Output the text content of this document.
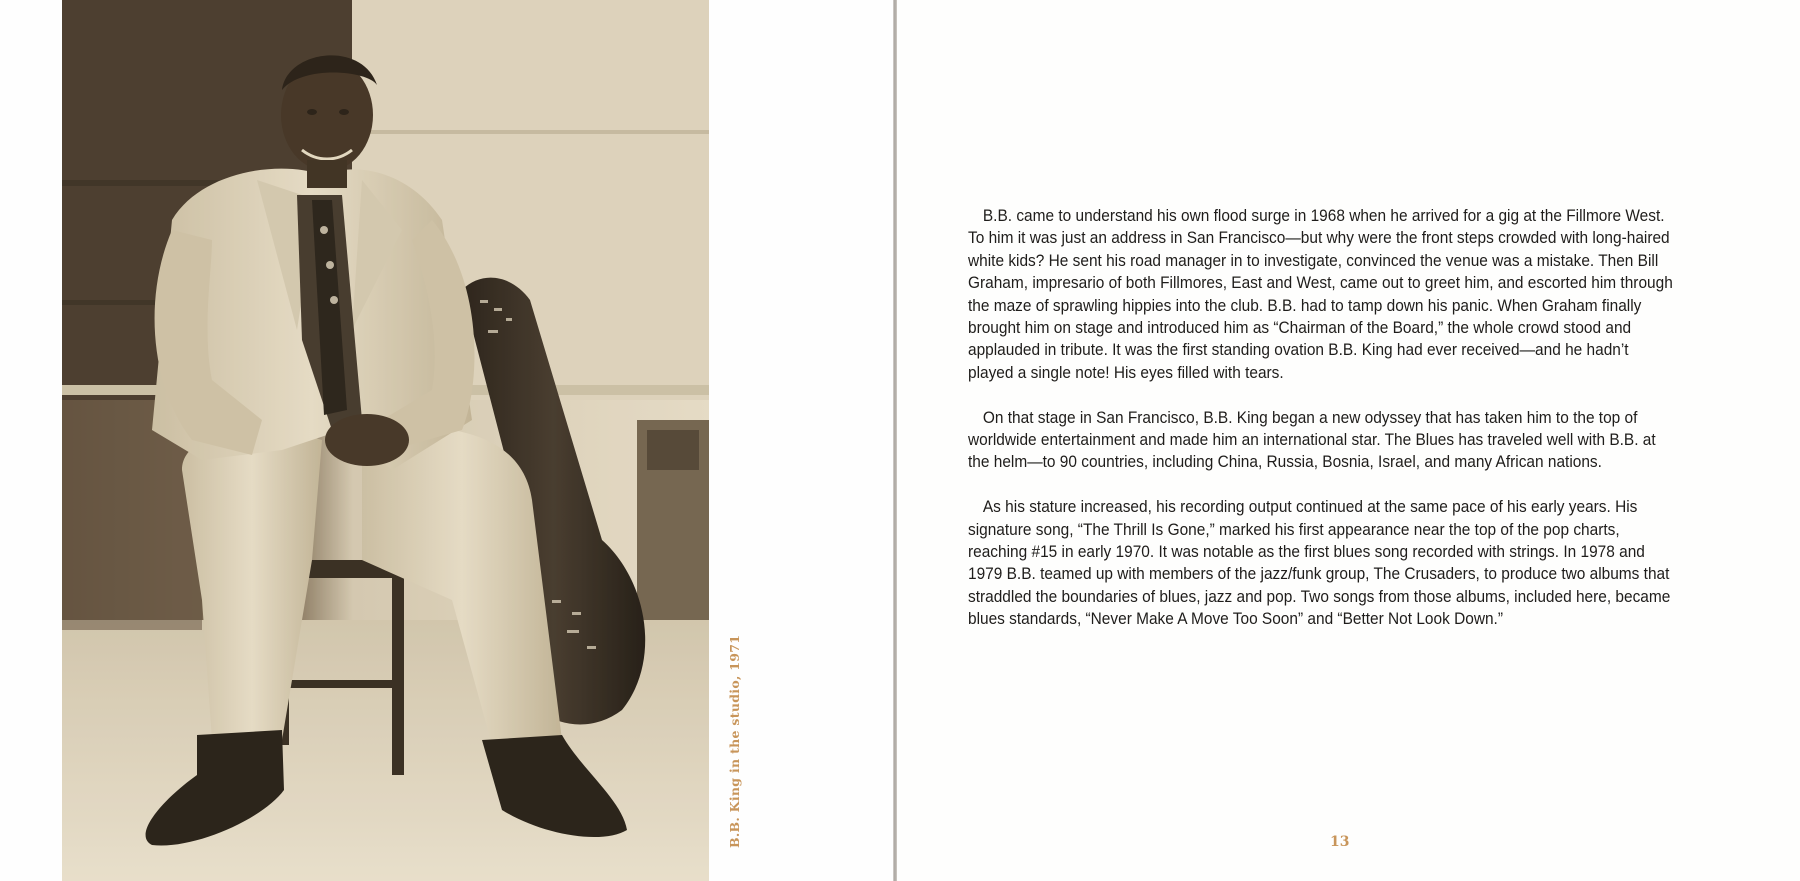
B.B. King in the studio, 1971

B.B. came to understand his own flood surge in 1968 when he arrived for a gig at the Fillmore West. To him it was just an address in San Francisco—but why were the front steps crowded with long-haired white kids? He sent his road manager in to investigate, convinced the venue was a mistake. Then Bill Graham, impresario of both Fillmores, East and West, came out to greet him, and escorted him through the maze of sprawling hippies into the club. B.B. had to tamp down his panic. When Graham finally brought him on stage and introduced him as “Chairman of the Board,” the whole crowd stood and applauded in tribute. It was the first standing ovation B.B. King had ever received—and he hadn’t played a single note! His eyes filled with tears.

On that stage in San Francisco, B.B. King began a new odyssey that has taken him to the top of worldwide entertainment and made him an international star. The Blues has traveled well with B.B. at the helm—to 90 countries, including China, Russia, Bosnia, Israel, and many African nations.

As his stature increased, his recording output continued at the same pace of his early years. His signature song, “The Thrill Is Gone,” marked his first appearance near the top of the pop charts, reaching #15 in early 1970. It was notable as the first blues song recorded with strings. In 1978 and 1979 B.B. teamed up with members of the jazz/funk group, The Crusaders, to produce two albums that straddled the boundaries of blues, jazz and pop. Two songs from those albums, included here, became blues standards, “Never Make A Move Too Soon” and “Better Not Look Down.”

13
